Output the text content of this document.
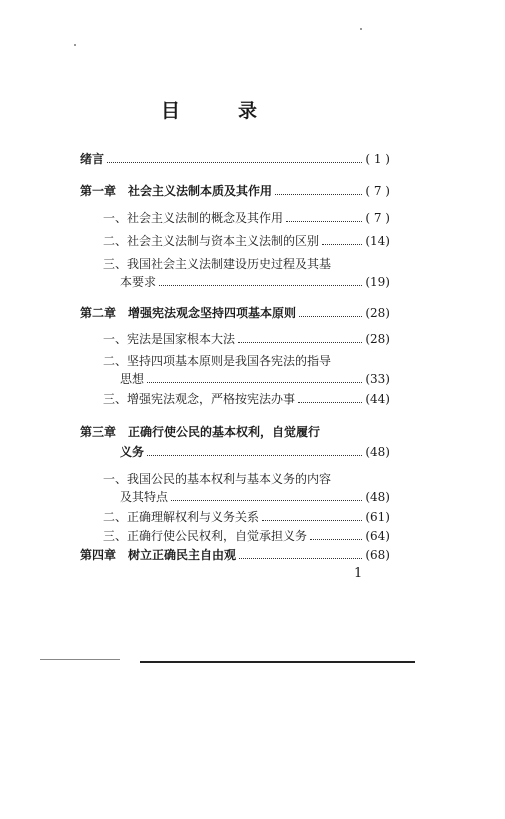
目	录
绪言	( 1 )
第一章 社会主义法制本质及其作用	( 7 )
一、社会主义法制的概念及其作用	( 7 )
二、社会主义法制与资本主义法制的区别	(14)
三、我国社会主义法制建设历史过程及其基
本要求	(19)
第二章 增强宪法观念坚持四项基本原则	(28)
一、宪法是国家根本大法	(28)
二、坚持四项基本原则是我国各宪法的指导
思想	(33)
三、增强宪法观念，严格按宪法办事	(44)
第三章 正确行使公民的基本权利，自觉履行
义务	(48)
一、我国公民的基本权利与基本义务的内容
及其特点	(48)
二、正确理解权利与义务关系	(61)
三、正确行使公民权利，自觉承担义务	(64)
第四章 树立正确民主自由观	(68)
1
